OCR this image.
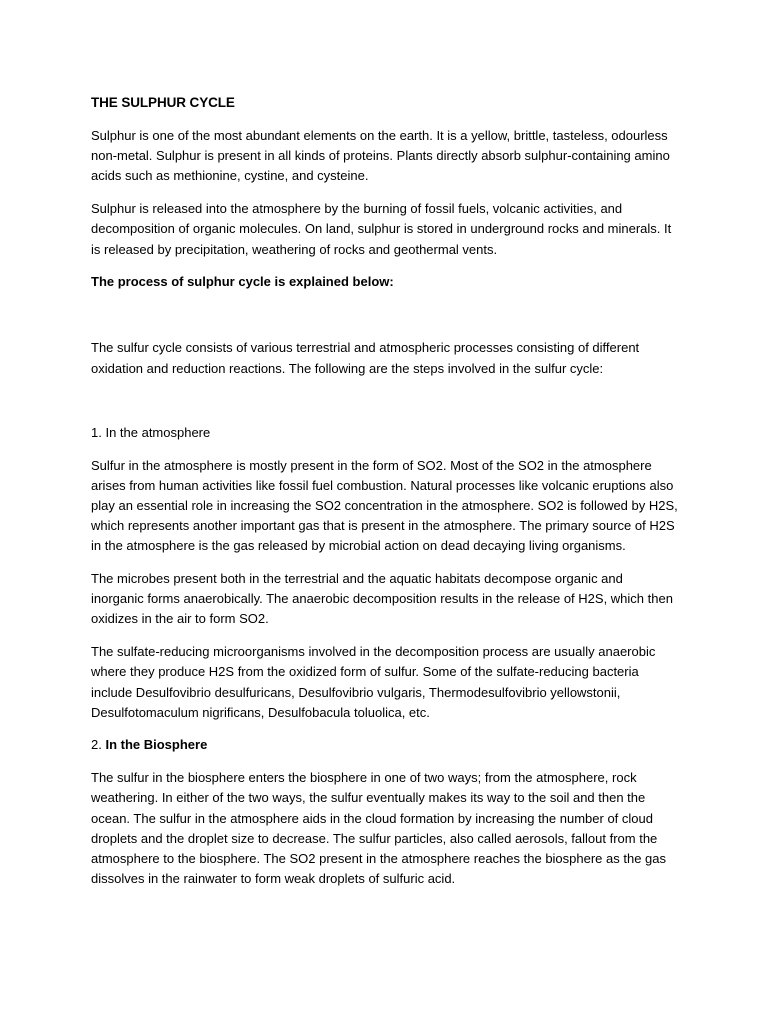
THE SULPHUR CYCLE

Sulphur is one of the most abundant elements on the earth. It is a yellow, brittle, tasteless, odourless non-metal. Sulphur is present in all kinds of proteins. Plants directly absorb sulphur-containing amino acids such as methionine, cystine, and cysteine.

Sulphur is released into the atmosphere by the burning of fossil fuels, volcanic activities, and decomposition of organic molecules. On land, sulphur is stored in underground rocks and minerals. It is released by precipitation, weathering of rocks and geothermal vents.

The process of sulphur cycle is explained below:

The sulfur cycle consists of various terrestrial and atmospheric processes consisting of different oxidation and reduction reactions. The following are the steps involved in the sulfur cycle:

1. In the atmosphere

Sulfur in the atmosphere is mostly present in the form of SO2. Most of the SO2 in the atmosphere arises from human activities like fossil fuel combustion. Natural processes like volcanic eruptions also play an essential role in increasing the SO2 concentration in the atmosphere. SO2 is followed by H2S, which represents another important gas that is present in the atmosphere. The primary source of H2S in the atmosphere is the gas released by microbial action on dead decaying living organisms.

The microbes present both in the terrestrial and the aquatic habitats decompose organic and inorganic forms anaerobically. The anaerobic decomposition results in the release of H2S, which then oxidizes in the air to form SO2.

The sulfate-reducing microorganisms involved in the decomposition process are usually anaerobic where they produce H2S from the oxidized form of sulfur. Some of the sulfate-reducing bacteria include Desulfovibrio desulfuricans, Desulfovibrio vulgaris, Thermodesulfovibrio yellowstonii, Desulfotomaculum nigrificans, Desulfobacula toluolica, etc.

2. In the Biosphere

The sulfur in the biosphere enters the biosphere in one of two ways; from the atmosphere, rock weathering. In either of the two ways, the sulfur eventually makes its way to the soil and then the ocean. The sulfur in the atmosphere aids in the cloud formation by increasing the number of cloud droplets and the droplet size to decrease. The sulfur particles, also called aerosols, fallout from the atmosphere to the biosphere. The SO2 present in the atmosphere reaches the biosphere as the gas dissolves in the rainwater to form weak droplets of sulfuric acid.
